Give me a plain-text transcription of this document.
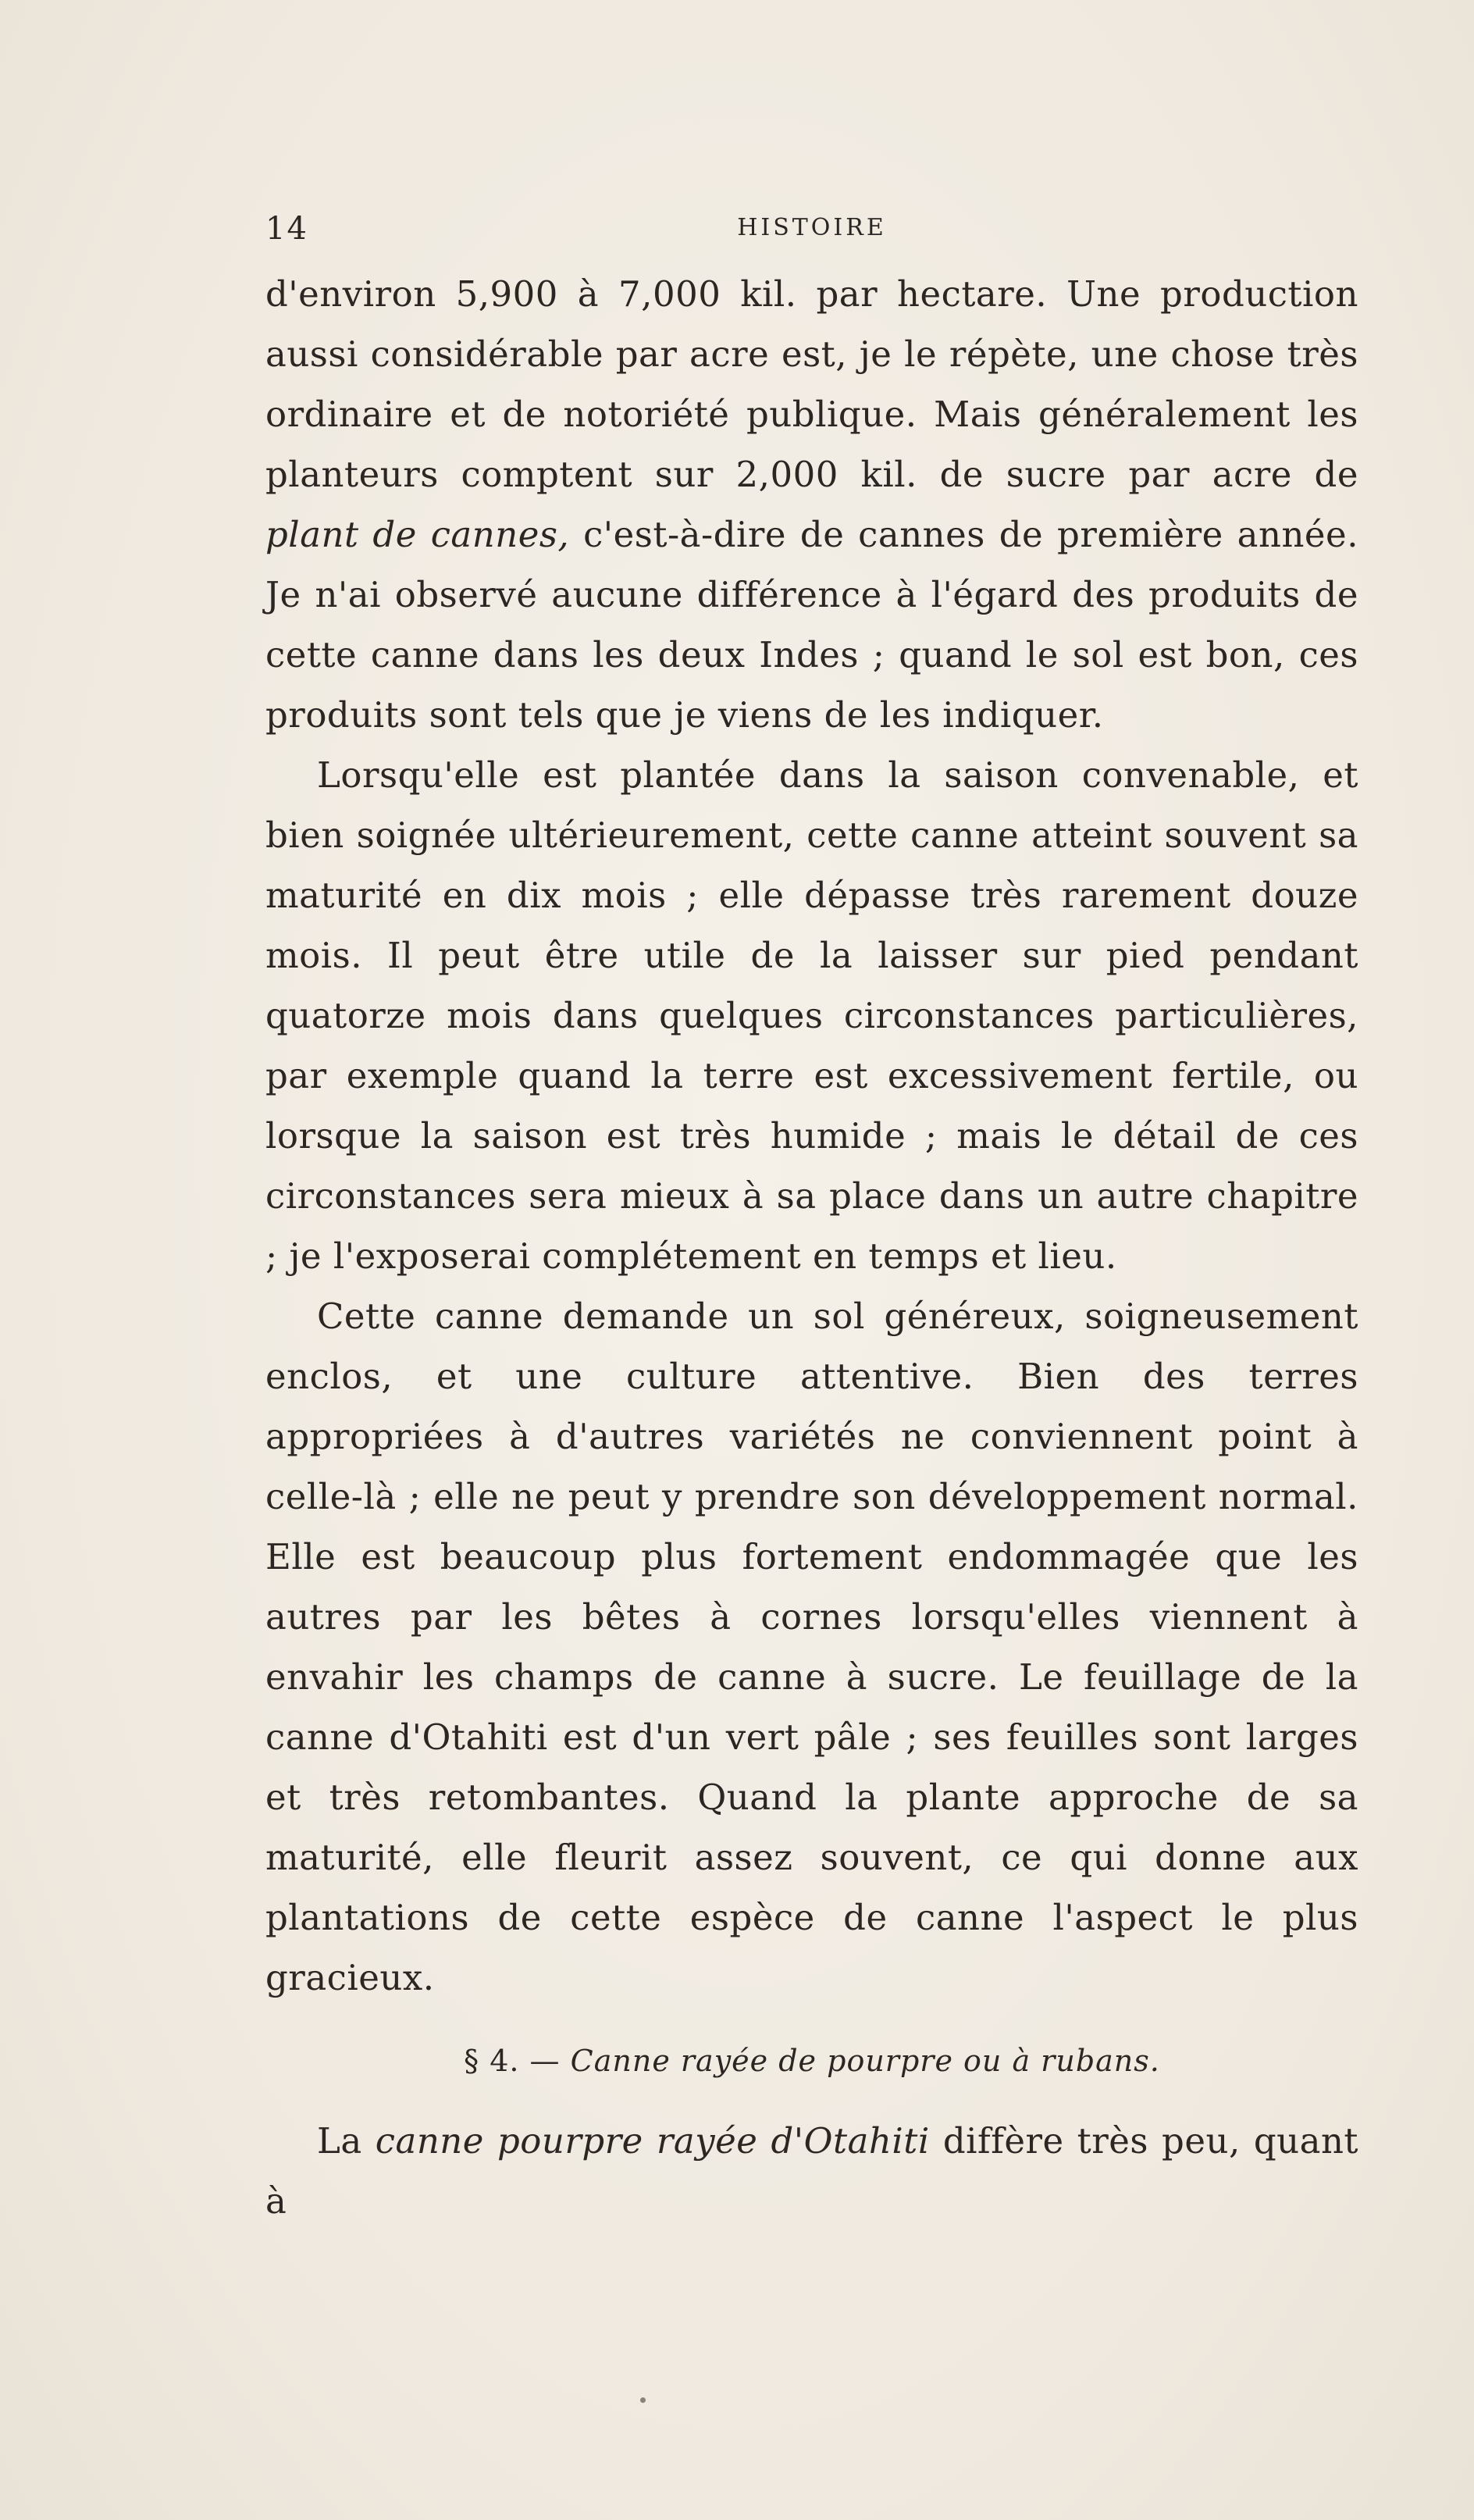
14	HISTOIRE

d'environ 5,900 à 7,000 kil. par hectare. Une production aussi considérable par acre est, je le répète, une chose très ordinaire et de notoriété publique. Mais généralement les planteurs comptent sur 2,000 kil. de sucre par acre de plant de cannes, c'est-à-dire de cannes de première année. Je n'ai observé aucune différence à l'égard des produits de cette canne dans les deux Indes ; quand le sol est bon, ces produits sont tels que je viens de les indiquer.

Lorsqu'elle est plantée dans la saison convenable, et bien soignée ultérieurement, cette canne atteint souvent sa maturité en dix mois ; elle dépasse très rarement douze mois. Il peut être utile de la laisser sur pied pendant quatorze mois dans quelques circonstances particulières, par exemple quand la terre est excessivement fertile, ou lorsque la saison est très humide ; mais le détail de ces circonstances sera mieux à sa place dans un autre chapitre ; je l'exposerai complétement en temps et lieu.

Cette canne demande un sol généreux, soigneusement enclos, et une culture attentive. Bien des terres appropriées à d'autres variétés ne conviennent point à celle-là ; elle ne peut y prendre son développement normal. Elle est beaucoup plus fortement endommagée que les autres par les bêtes à cornes lorsqu'elles viennent à envahir les champs de canne à sucre. Le feuillage de la canne d'Otahiti est d'un vert pâle ; ses feuilles sont larges et très retombantes. Quand la plante approche de sa maturité, elle fleurit assez souvent, ce qui donne aux plantations de cette espèce de canne l'aspect le plus gracieux.

§ 4. — Canne rayée de pourpre ou à rubans.

La canne pourpre rayée d'Otahiti diffère très peu, quant à
